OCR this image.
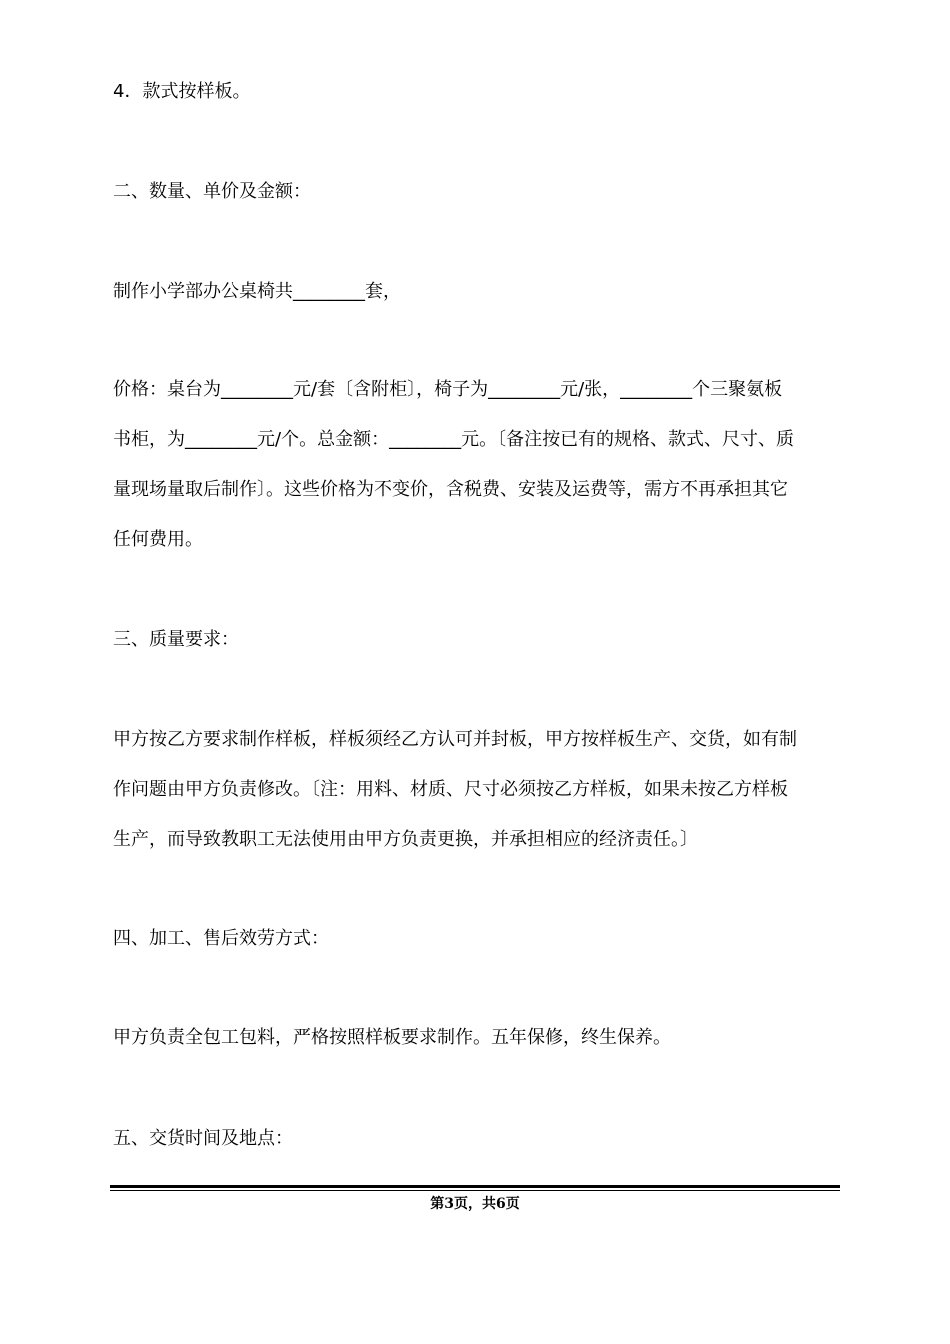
4．款式按样板。

二、数量、单价及金额：

制作小学部办公桌椅共________套，

价格：桌台为________元/套〔含附柜〕，椅子为________元/张，________个三聚氨板

书柜，为________元/个。总金额：________元。〔备注按已有的规格、款式、尺寸、质

量现场量取后制作〕。这些价格为不变价，含税费、安装及运费等，需方不再承担其它

任何费用。

三、质量要求：

甲方按乙方要求制作样板，样板须经乙方认可并封板，甲方按样板生产、交货，如有制

作问题由甲方负责修改。〔注：用料、材质、尺寸必须按乙方样板，如果未按乙方样板

生产，而导致教职工无法使用由甲方负责更换，并承担相应的经济责任。〕

四、加工、售后效劳方式：

甲方负责全包工包料，严格按照样板要求制作。五年保修，终生保养。

五、交货时间及地点：

第3页，共6页
